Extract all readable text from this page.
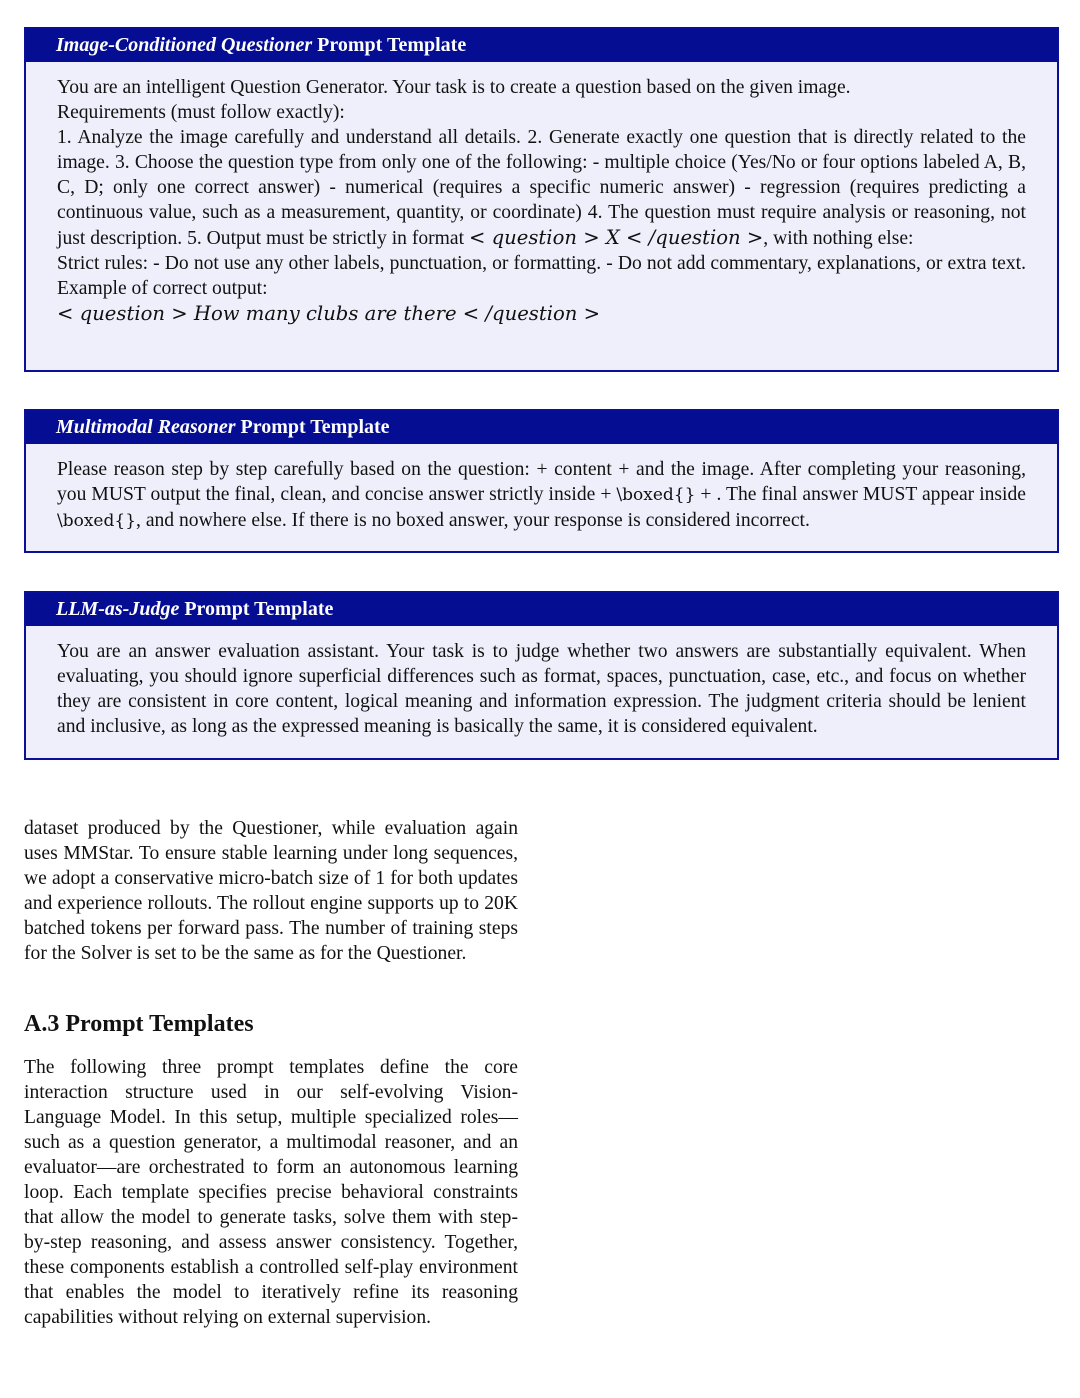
Image-Conditioned Questioner Prompt Template
You are an intelligent Question Generator. Your task is to create a question based on the given image.
Requirements (must follow exactly):
1. Analyze the image carefully and understand all details. 2. Generate exactly one question that is directly related to the image. 3. Choose the question type from only one of the following: - multiple choice (Yes/No or four options labeled A, B, C, D; only one correct answer) - numerical (requires a specific numeric answer) - regression (requires predicting a continuous value, such as a measurement, quantity, or coordinate) 4. The question must require analysis or reasoning, not just description. 5. Output must be strictly in format < question > X < /question >, with nothing else:
Strict rules: - Do not use any other labels, punctuation, or formatting. - Do not add commentary, explanations, or extra text. Example of correct output:
< question > How many clubs are there < /question >
Multimodal Reasoner Prompt Template
Please reason step by step carefully based on the question: + content + and the image. After completing your reasoning, you MUST output the final, clean, and concise answer strictly inside + \boxed{} + . The final answer MUST appear inside \boxed{}, and nowhere else. If there is no boxed answer, your response is considered incorrect.
LLM-as-Judge Prompt Template
You are an answer evaluation assistant. Your task is to judge whether two answers are substantially equivalent. When evaluating, you should ignore superficial differences such as format, spaces, punctuation, case, etc., and focus on whether they are consistent in core content, logical meaning and information expression. The judgment criteria should be lenient and inclusive, as long as the expressed meaning is basically the same, it is considered equivalent.
dataset produced by the Questioner, while evaluation again uses MMStar. To ensure stable learning under long sequences, we adopt a conservative micro-batch size of 1 for both updates and experience rollouts. The rollout engine supports up to 20K batched tokens per forward pass. The number of training steps for the Solver is set to be the same as for the Questioner.
A.3 Prompt Templates
The following three prompt templates define the core interaction structure used in our self-evolving Vision-Language Model. In this setup, multiple specialized roles—such as a question generator, a multimodal reasoner, and an evaluator—are orchestrated to form an autonomous learning loop. Each template specifies precise behavioral constraints that allow the model to generate tasks, solve them with step-by-step reasoning, and assess answer consistency. Together, these components establish a controlled self-play environment that enables the model to iteratively refine its reasoning capabilities without relying on external supervision.
